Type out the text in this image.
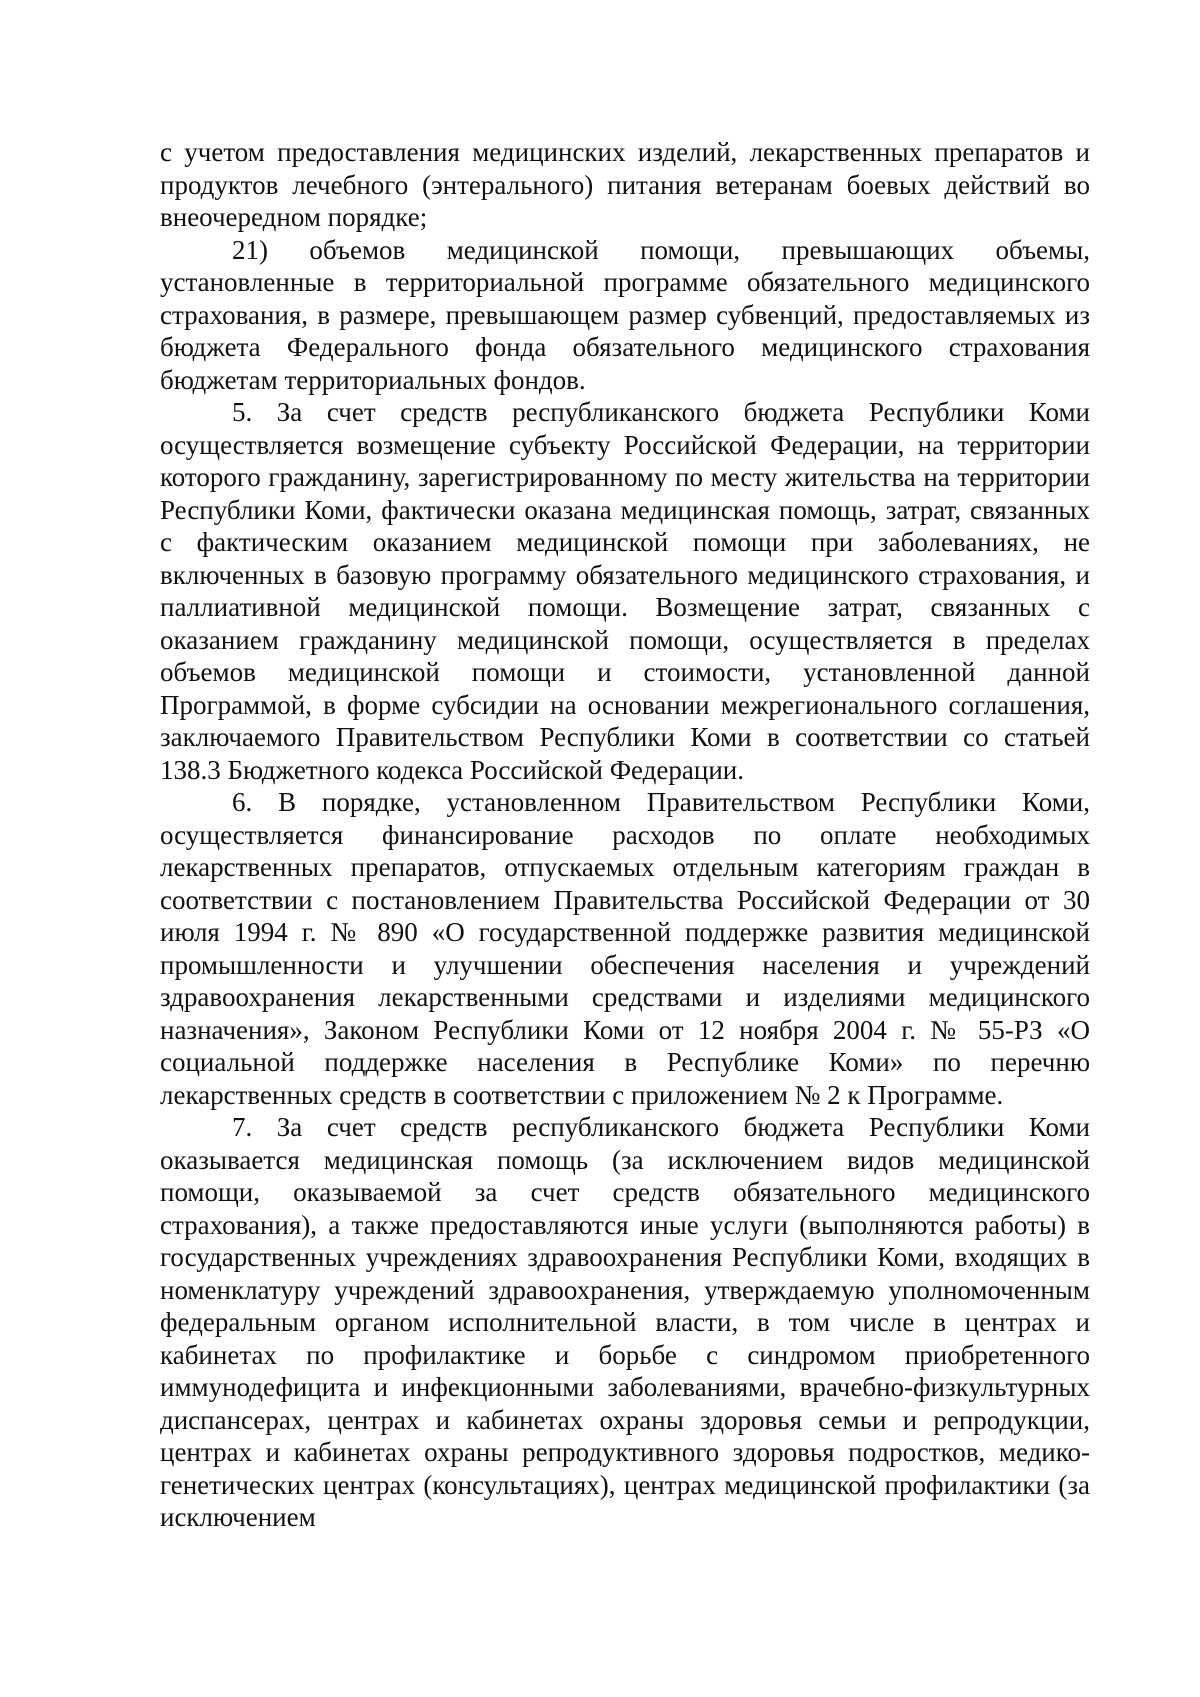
с учетом предоставления медицинских изделий, лекарственных препаратов и продуктов лечебного (энтерального) питания ветеранам боевых действий во внеочередном порядке;

21) объемов медицинской помощи, превышающих объемы, установленные в территориальной программе обязательного медицинского страхования, в размере, превышающем размер субвенций, предоставляемых из бюджета Федерального фонда обязательного медицинского страхования бюджетам территориальных фондов.

5. За счет средств республиканского бюджета Республики Коми осуществляется возмещение субъекту Российской Федерации, на территории которого гражданину, зарегистрированному по месту жительства на территории Республики Коми, фактически оказана медицинская помощь, затрат, связанных с фактическим оказанием медицинской помощи при заболеваниях, не включенных в базовую программу обязательного медицинского страхования, и паллиативной медицинской помощи. Возмещение затрат, связанных с оказанием гражданину медицинской помощи, осуществляется в пределах объемов медицинской помощи и стоимости, установленной данной Программой, в форме субсидии на основании межрегионального соглашения, заключаемого Правительством Республики Коми в соответствии со статьей 138.3 Бюджетного кодекса Российской Федерации.

6. В порядке, установленном Правительством Республики Коми, осуществляется финансирование расходов по оплате необходимых лекарственных препаратов, отпускаемых отдельным категориям граждан в соответствии с постановлением Правительства Российской Федерации от 30 июля 1994 г. № 890 «О государственной поддержке развития медицинской промышленности и улучшении обеспечения населения и учреждений здравоохранения лекарственными средствами и изделиями медицинского назначения», Законом Республики Коми от 12 ноября 2004 г. № 55-РЗ «О социальной поддержке населения в Республике Коми» по перечню лекарственных средств в соответствии с приложением № 2 к Программе.

7. За счет средств республиканского бюджета Республики Коми оказывается медицинская помощь (за исключением видов медицинской помощи, оказываемой за счет средств обязательного медицинского страхования), а также предоставляются иные услуги (выполняются работы) в государственных учреждениях здравоохранения Республики Коми, входящих в номенклатуру учреждений здравоохранения, утверждаемую уполномоченным федеральным органом исполнительной власти, в том числе в центрах и кабинетах по профилактике и борьбе с синдромом приобретенного иммунодефицита и инфекционными заболеваниями, врачебно-физкультурных диспансерах, центрах и кабинетах охраны здоровья семьи и репродукции, центрах и кабинетах охраны репродуктивного здоровья подростков, медико-генетических центрах (консультациях), центрах медицинской профилактики (за исключением
